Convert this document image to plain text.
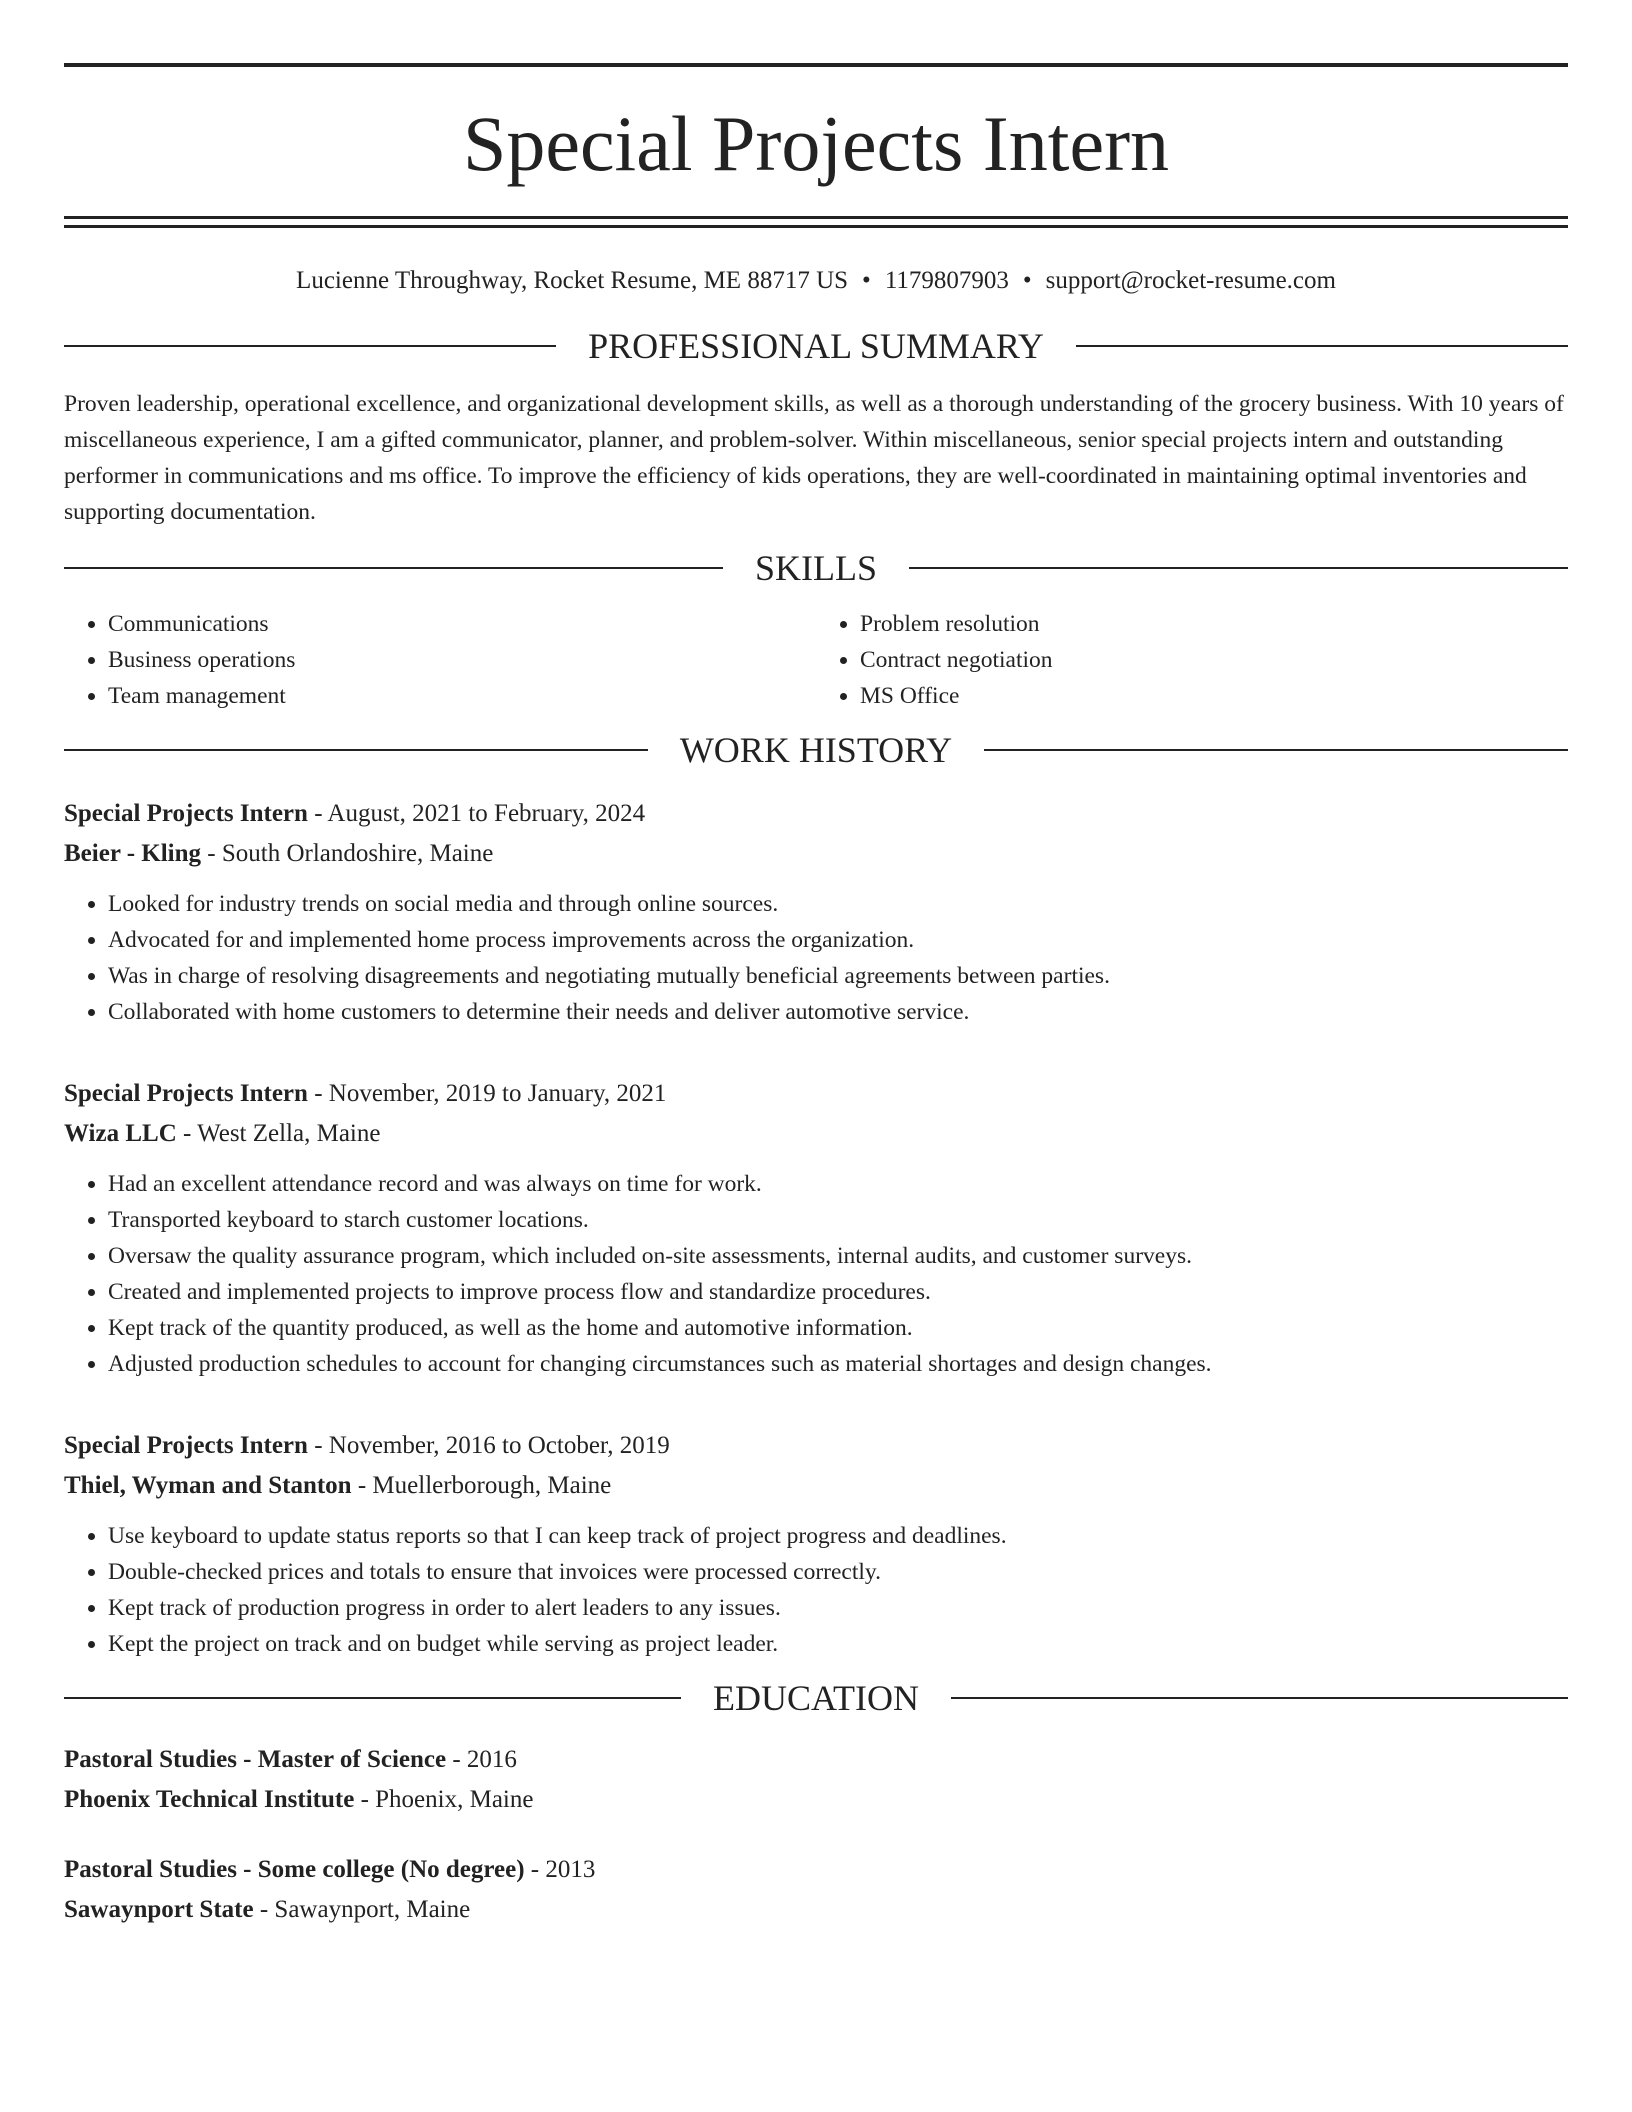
Special Projects Intern
Lucienne Throughway, Rocket Resume, ME 88717 US • 1179807903 • support@rocket-resume.com
PROFESSIONAL SUMMARY

Proven leadership, operational excellence, and organizational development skills, as well as a thorough understanding of the grocery business. With 10 years of miscellaneous experience, I am a gifted communicator, planner, and problem-solver. Within miscellaneous, senior special projects intern and outstanding performer in communications and ms office. To improve the efficiency of kids operations, they are well-coordinated in maintaining optimal inventories and supporting documentation.

SKILLS
• Communications
• Business operations
• Team management
• Problem resolution
• Contract negotiation
• MS Office
WORK HISTORY
Special Projects Intern - August, 2021 to February, 2024
Beier - Kling - South Orlandoshire, Maine
• Looked for industry trends on social media and through online sources.
• Advocated for and implemented home process improvements across the organization.
• Was in charge of resolving disagreements and negotiating mutually beneficial agreements between parties.
• Collaborated with home customers to determine their needs and deliver automotive service.
Special Projects Intern - November, 2019 to January, 2021
Wiza LLC - West Zella, Maine
• Had an excellent attendance record and was always on time for work.
• Transported keyboard to starch customer locations.
• Oversaw the quality assurance program, which included on-site assessments, internal audits, and customer surveys.
• Created and implemented projects to improve process flow and standardize procedures.
• Kept track of the quantity produced, as well as the home and automotive information.
• Adjusted production schedules to account for changing circumstances such as material shortages and design changes.
Special Projects Intern - November, 2016 to October, 2019
Thiel, Wyman and Stanton - Muellerborough, Maine
• Use keyboard to update status reports so that I can keep track of project progress and deadlines.
• Double-checked prices and totals to ensure that invoices were processed correctly.
• Kept track of production progress in order to alert leaders to any issues.
• Kept the project on track and on budget while serving as project leader.
EDUCATION
Pastoral Studies - Master of Science - 2016
Phoenix Technical Institute - Phoenix, Maine
Pastoral Studies - Some college (No degree) - 2013
Sawaynport State - Sawaynport, Maine
